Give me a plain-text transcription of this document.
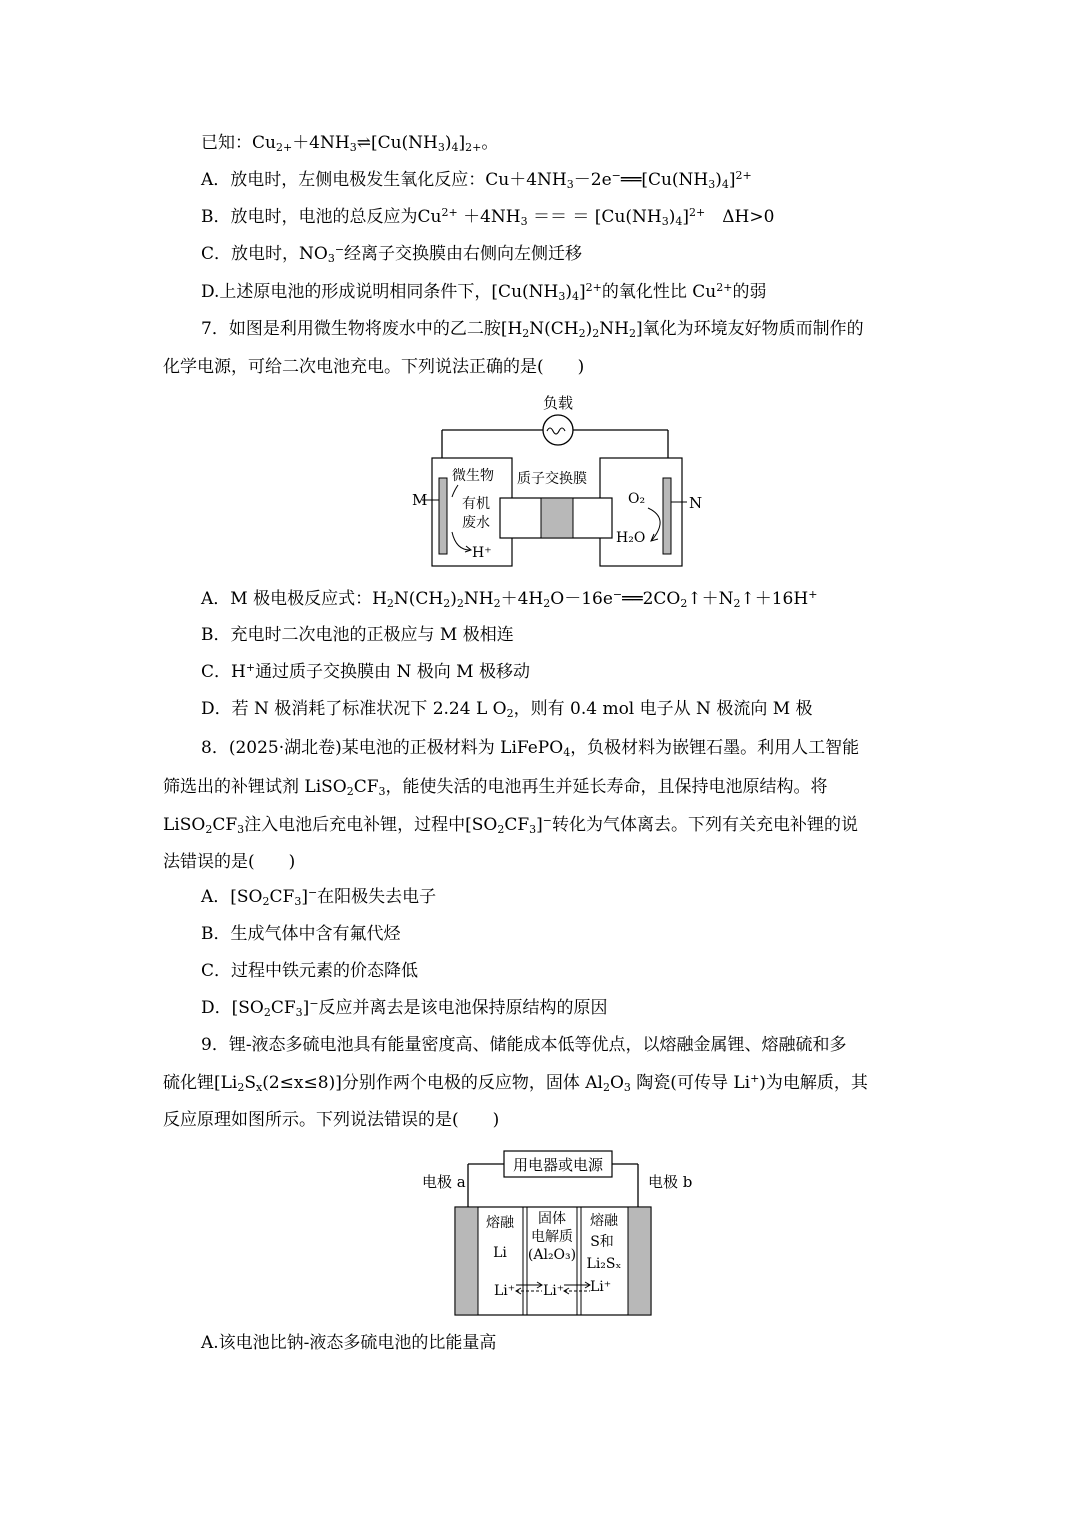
已知：$Cu_{2+}+4NH_3\rightleftharpoons[Cu(NH_3)_4]_{2+}$。
A．放电时，左侧电极发生氧化反应：$Cu+4NH_3-2e^-══[Cu(NH_3)_4]^{2+}$
B．放电时，电池的总反应为$Cu^{2+} +4NH_3$ ＝＝ ＝ $[Cu(NH_3)_4]^{2+}$　ΔH>0
C．放电时，$NO_3^-$经离子交换膜由右侧向左侧迁移
D.上述原电池的形成说明相同条件下，$[Cu(NH_3)_4]^{2+}$的氧化性比 $Cu^{2+}$的弱
7．如图是利用微生物将废水中的乙二胺$[H_2N(CH_2)_2NH_2]$氧化为环境友好物质而制作的
化学电源，可给二次电池充电。下列说法正确的是(　　)
负载
M	N
微生物
有机
废水
质子交换膜
H⁺
O₂
H₂O
A．M 极电极反应式：$H_2N(CH_2)_2NH_2+4H_2O-16e^-══2CO_2↑+N_2↑+16H^+$
B．充电时二次电池的正极应与 M 极相连
C．H+通过质子交换膜由 N 极向 M 极移动
D．若 N 极消耗了标准状况下 2.24 L $O_2$，则有 0.4 mol 电子从 N 极流向 M 极
8．(2025·湖北卷)某电池的正极材料为 LiFePO$_4$，负极材料为嵌锂石墨。利用人工智能
筛选出的补锂试剂 $LiSO_2CF_3$，能使失活的电池再生并延长寿命，且保持电池原结构。将
$LiSO_2CF_3$注入电池后充电补锂，过程中$[SO_2CF_3]^-$转化为气体离去。下列有关充电补锂的说
法错误的是(　　)
A．$[SO_2CF_3]^-$在阳极失去电子
B．生成气体中含有氟代烃
C．过程中铁元素的价态降低
D．$[SO_2CF_3]^-$反应并离去是该电池保持原结构的原因
9．锂-液态多硫电池具有能量密度高、储能成本低等优点，以熔融金属锂、熔融硫和多
硫化锂$[Li_2S_x(2\le x\le 8)]$分别作两个电极的反应物，固体 $Al_2O_3$ 陶瓷(可传导 Li+)为电解质，其
反应原理如图所示。下列说法错误的是(　　)
用电器或电源
电极 a	电极 b
熔融
Li
固体
电解质
(Al₂O₃)
熔融
S和
Li₂Sₓ
Li⁺ Li⁺ Li⁺
A.该电池比钠-液态多硫电池的比能量高
